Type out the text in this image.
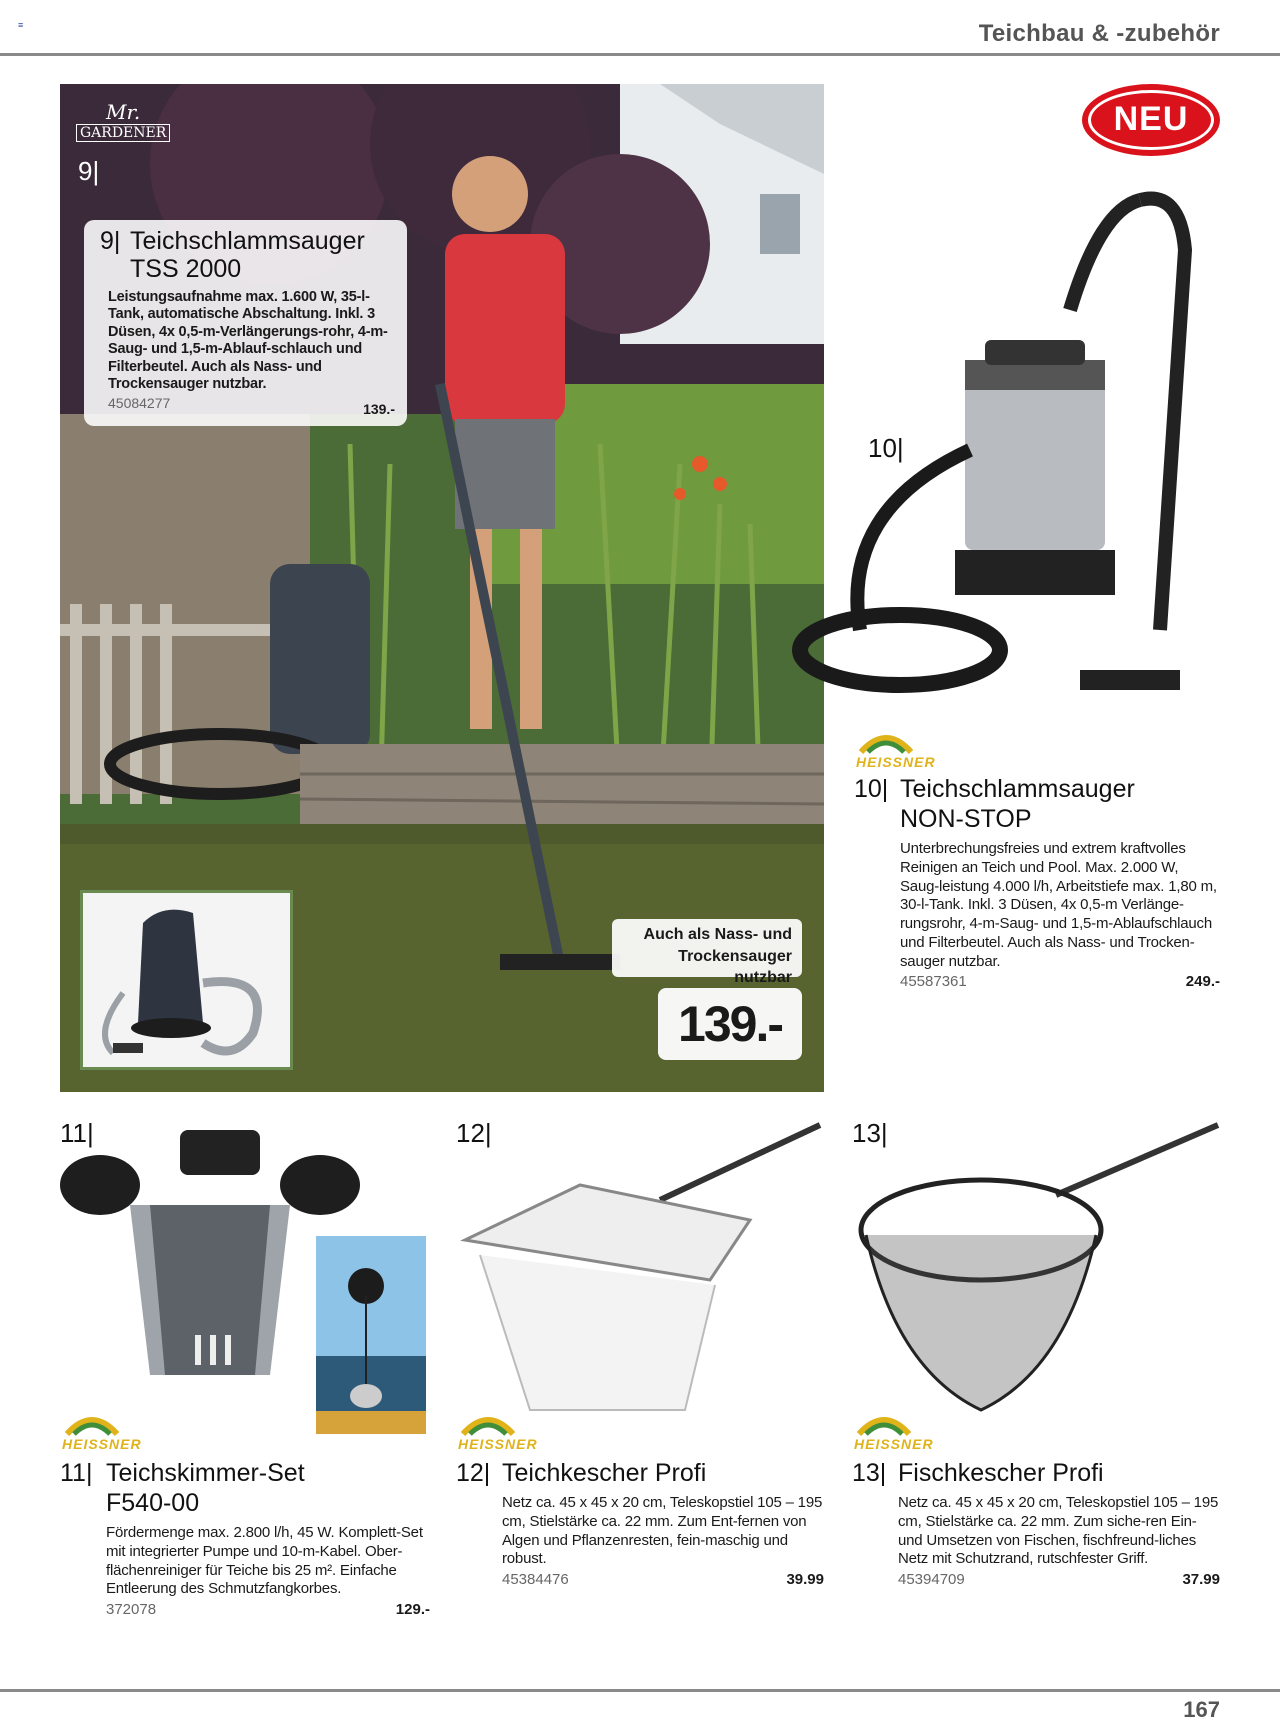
≡	Teichbau & -zubehör
Mr.
GARDENER
9|
9| Teichschlammsauger
TSS 2000
Leistungsaufnahme max. 1.600 W, 35-l-Tank, automatische Abschaltung. Inkl. 3 Düsen, 4x 0,5-m-Verlängerungs-rohr, 4-m-Saug- und 1,5-m-Ablauf-schlauch und Filterbeutel. Auch als Nass- und Trockensauger nutzbar.
45084277	139.-
Auch als Nass- und
Trockensauger nutzbar
139.-
NEU
10|
HEISSNER
10| Teichschlammsauger
NON-STOP
Unterbrechungsfreies und extrem kraftvolles Reinigen an Teich und Pool. Max. 2.000 W, Saug-leistung 4.000 l/h, Arbeitstiefe max. 1,80 m, 30-l-Tank. Inkl. 3 Düsen, 4x 0,5-m Verlänge-rungsrohr, 4-m-Saug- und 1,5-m-Ablaufschlauch und Filterbeutel. Auch als Nass- und Trocken-sauger nutzbar.
45587361	249.-
11|	12|	13|
HEISSNER	HEISSNER	HEISSNER
11| Teichskimmer-Set
F540-00
Fördermenge max. 2.800 l/h, 45 W. Komplett-Set mit integrierter Pumpe und 10-m-Kabel. Ober-flächenreiniger für Teiche bis 25 m². Einfache Entleerung des Schmutzfangkorbes.
372078	129.-
12| Teichkescher Profi
Netz ca. 45 x 45 x 20 cm, Teleskopstiel 105 – 195 cm, Stielstärke ca. 22 mm. Zum Ent-fernen von Algen und Pflanzenresten, fein-maschig und robust.
45384476	39.99
13| Fischkescher Profi
Netz ca. 45 x 45 x 20 cm, Teleskopstiel 105 – 195 cm, Stielstärke ca. 22 mm. Zum siche-ren Ein- und Umsetzen von Fischen, fischfreund-liches Netz mit Schutzrand, rutschfester Griff.
45394709	37.99
167
